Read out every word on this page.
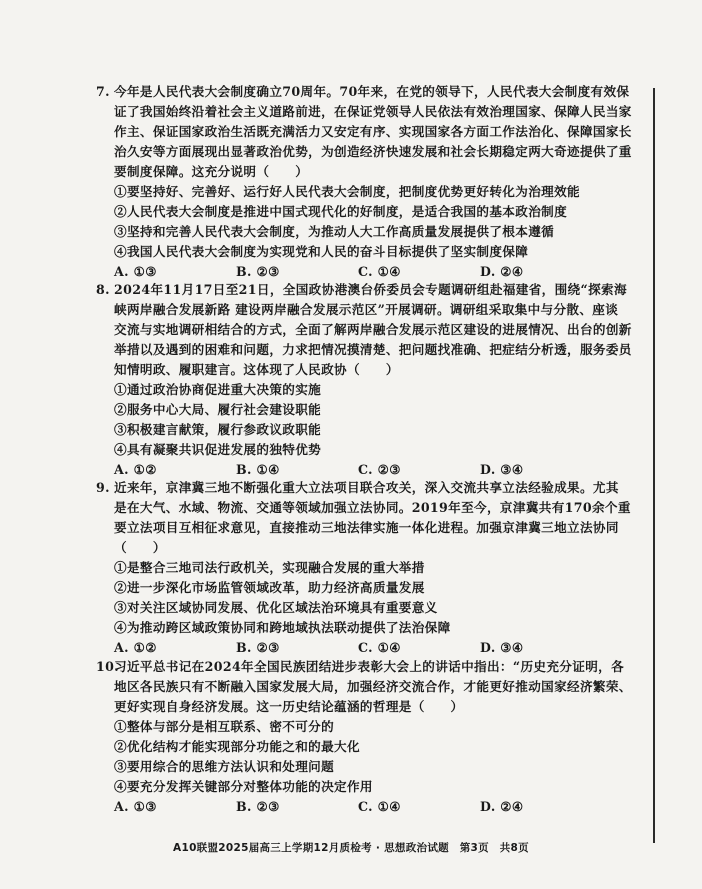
7. 今年是人民代表大会制度确立70周年。70年来，在党的领导下，人民代表大会制度有效保
证了我国始终沿着社会主义道路前进，在保证党领导人民依法有效治理国家、保障人民当家
作主、保证国家政治生活既充满活力又安定有序、实现国家各方面工作法治化、保障国家长
治久安等方面展现出显著政治优势，为创造经济快速发展和社会长期稳定两大奇迹提供了重
要制度保障。这充分说明（　　）
①要坚持好、完善好、运行好人民代表大会制度，把制度优势更好转化为治理效能
②人民代表大会制度是推进中国式现代化的好制度，是适合我国的基本政治制度
③坚持和完善人民代表大会制度，为推动人大工作高质量发展提供了根本遵循
④我国人民代表大会制度为实现党和人民的奋斗目标提供了坚实制度保障
A. ①③	B. ②③	C. ①④	D. ②④
8. 2024年11月17日至21日，全国政协港澳台侨委员会专题调研组赴福建省，围绕“探索海
峡两岸融合发展新路 建设两岸融合发展示范区”开展调研。调研组采取集中与分散、座谈
交流与实地调研相结合的方式，全面了解两岸融合发展示范区建设的进展情况、出台的创新
举措以及遇到的困难和问题，力求把情况摸清楚、把问题找准确、把症结分析透，服务委员
知情明政、履职建言。这体现了人民政协（　　）
①通过政治协商促进重大决策的实施
②服务中心大局、履行社会建设职能
③积极建言献策，履行参政议政职能
④具有凝聚共识促进发展的独特优势
A. ①②	B. ①④	C. ②③	D. ③④
9. 近来年，京津冀三地不断强化重大立法项目联合攻关，深入交流共享立法经验成果。尤其
是在大气、水域、物流、交通等领域加强立法协同。2019年至今，京津冀共有170余个重
要立法项目互相征求意见，直接推动三地法律实施一体化进程。加强京津冀三地立法协同
（　　）
①是整合三地司法行政机关，实现融合发展的重大举措
②进一步深化市场监管领域改革，助力经济高质量发展
③对关注区域协同发展、优化区域法治环境具有重要意义
④为推动跨区域政策协同和跨地域执法联动提供了法治保障
A. ①②	B. ②③	C. ①④	D. ③④
10.习近平总书记在2024年全国民族团结进步表彰大会上的讲话中指出：“历史充分证明，各
地区各民族只有不断融入国家发展大局，加强经济交流合作，才能更好推动国家经济繁荣、
更好实现自身经济发展。这一历史结论蕴涵的哲理是（　　）
①整体与部分是相互联系、密不可分的
②优化结构才能实现部分功能之和的最大化
③要用综合的思维方法认识和处理问题
④要充分发挥关键部分对整体功能的决定作用
A. ①③	B. ②③	C. ①④	D. ②④
A10联盟2025届高三上学期12月质检考 · 思想政治试题　第3页　共8页
